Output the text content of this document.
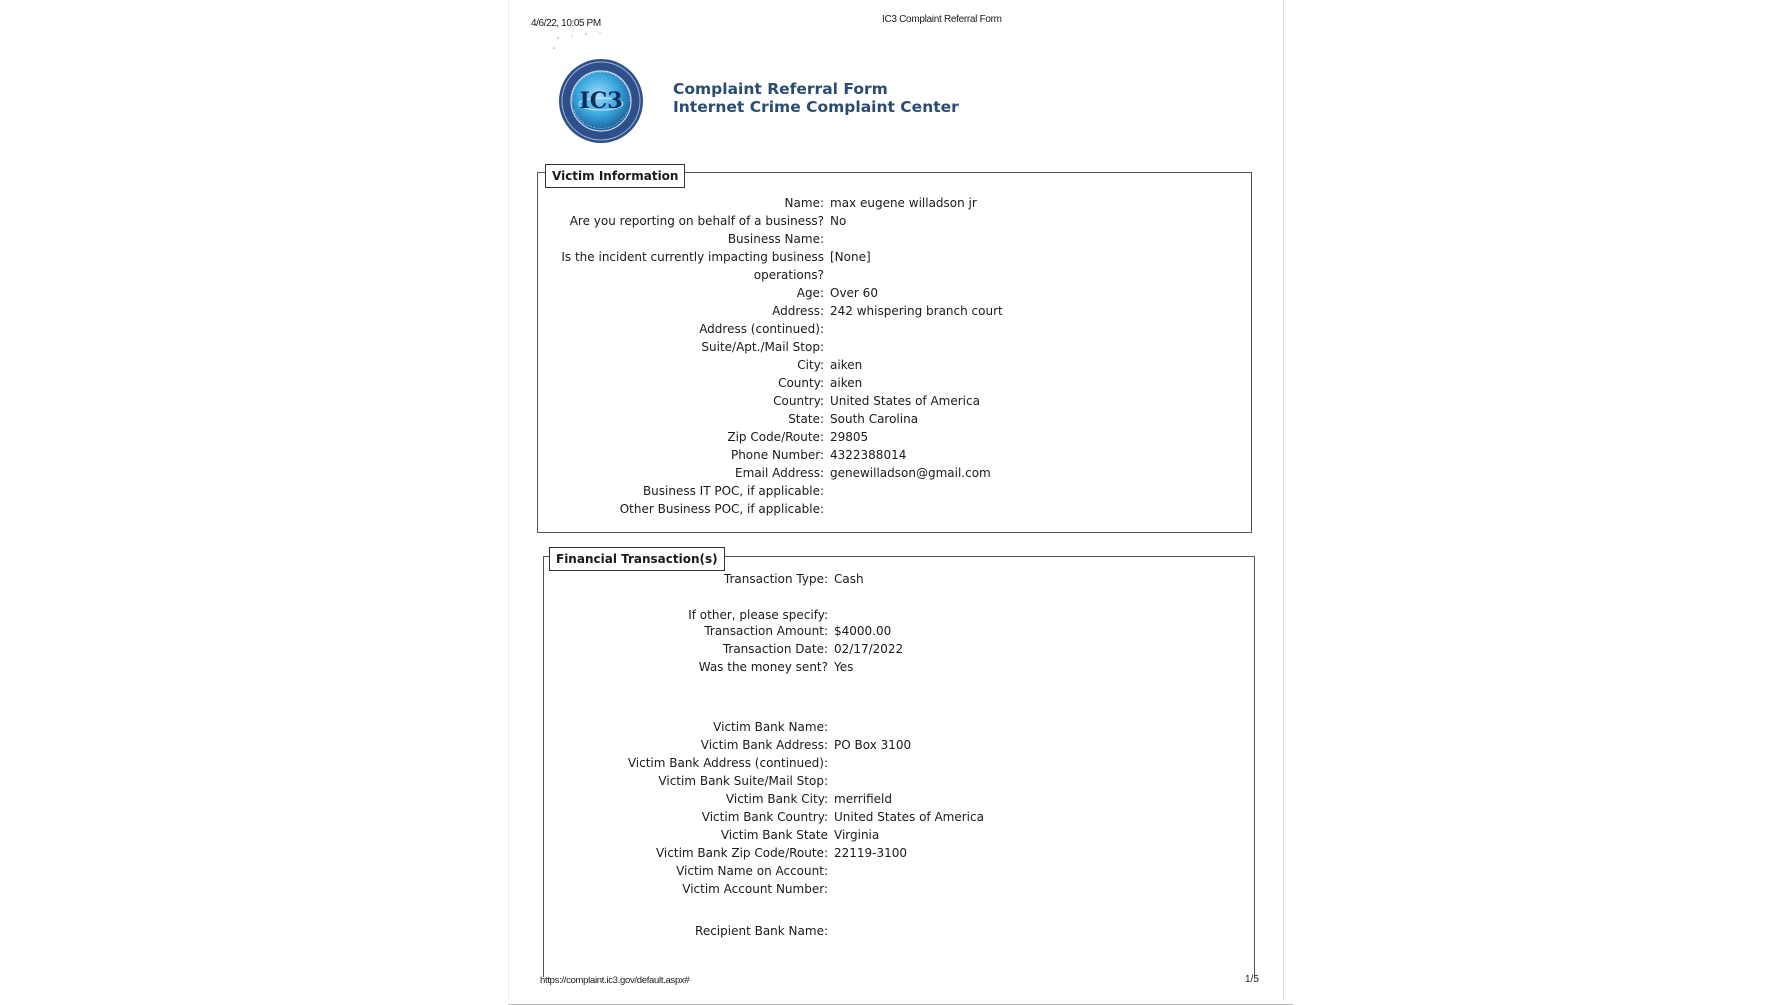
4/6/22, 10:05 PM	IC3 Complaint Referral Form
IC3	Complaint Referral Form
Internet Crime Complaint Center
Victim Information
Name: max eugene willadson jr
Are you reporting on behalf of a business? No
Business Name:
Is the incident currently impacting business [None]
operations?
Age: Over 60
Address: 242 whispering branch court
Address (continued):
Suite/Apt./Mail Stop:
City: aiken
County: aiken
Country: United States of America
State: South Carolina
Zip Code/Route: 29805
Phone Number: 4322388014
Email Address: genewilladson@gmail.com
Business IT POC, if applicable:
Other Business POC, if applicable:
Financial Transaction(s)
Transaction Type: Cash
If other, please specify:
Transaction Amount: $4000.00
Transaction Date: 02/17/2022
Was the money sent? Yes
Victim Bank Name:
Victim Bank Address: PO Box 3100
Victim Bank Address (continued):
Victim Bank Suite/Mail Stop:
Victim Bank City: merrifield
Victim Bank Country: United States of America
Victim Bank State Virginia
Victim Bank Zip Code/Route: 22119-3100
Victim Name on Account:
Victim Account Number:
Recipient Bank Name:
https://complaint.ic3.gov/default.aspx#	1/5
